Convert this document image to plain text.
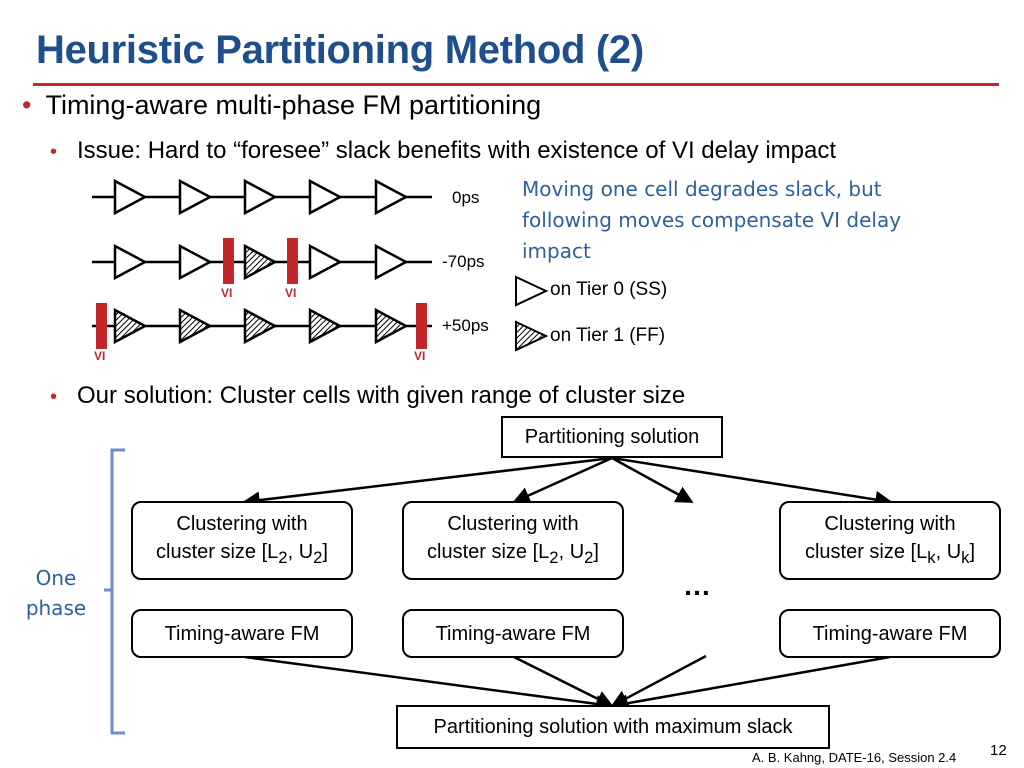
Heuristic Partitioning Method (2)
• Timing-aware multi-phase FM partitioning
• Issue: Hard to “foresee” slack benefits with existence of VI delay impact
Moving one cell degrades slack, but following moves compensate VI delay impact
0ps
-70ps
+50ps
VI	VI
VI	VI
on Tier 0 (SS)
on Tier 1 (FF)
• Our solution: Cluster cells with given range of cluster size
Partitioning solution
Clustering with
cluster size [$L_2$, $U_2$]
Clustering with
cluster size [$L_2$, $U_2$]
Clustering with
cluster size [$L_k$, $U_k$]
Timing-aware FM	Timing-aware FM	Timing-aware FM
…
Partitioning solution with maximum slack
One phase
A. B. Kahng, DATE-16, Session 2.4 12
